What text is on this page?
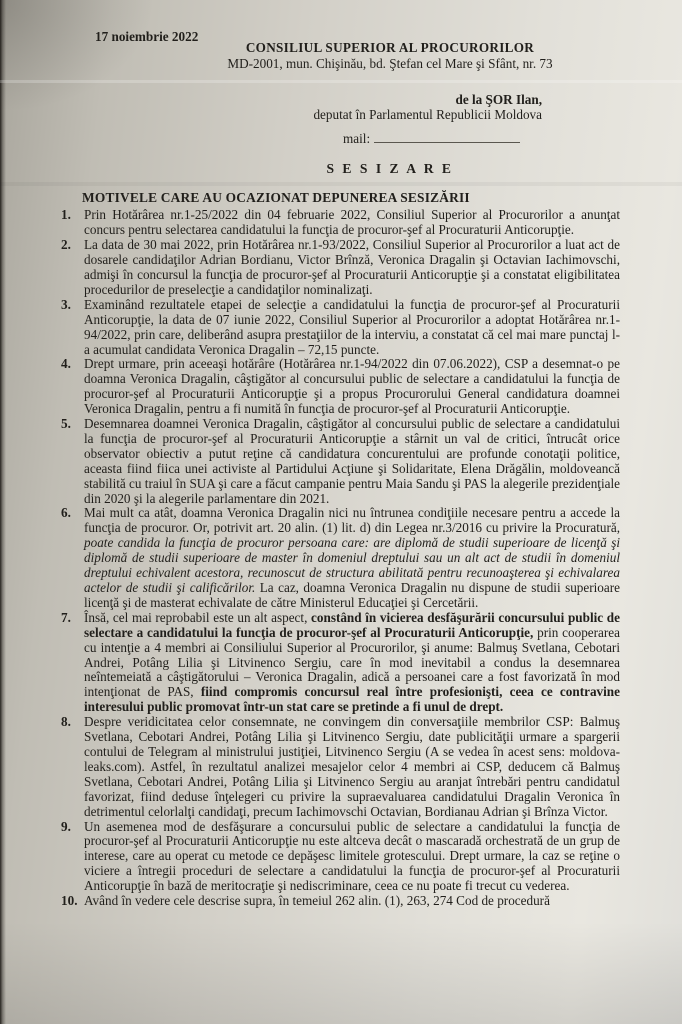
17 noiembrie 2022
CONSILIUL SUPERIOR AL PROCURORILOR
MD-2001, mun. Chişinău, bd. Ştefan cel Mare şi Sfânt, nr. 73
de la ŞOR Ilan,
deputat în Parlamentul Republicii Moldova
mail:
S E S I Z A R E
MOTIVELE CARE AU OCAZIONAT DEPUNEREA SESIZĂRII
1. Prin Hotărârea nr.1-25/2022 din 04 februarie 2022, Consiliul Superior al Procurorilor a anunţat concurs pentru selectarea candidatului la funcţia de procuror-şef al Procuraturii Anticorupţie.
2. La data de 30 mai 2022, prin Hotărârea nr.1-93/2022, Consiliul Superior al Procurorilor a luat act de dosarele candidaţilor Adrian Bordianu, Victor Brînză, Veronica Dragalin şi Octavian Iachimovschi, admişi în concursul la funcţia de procuror-şef al Procuraturii Anticorupţie şi a constatat eligibilitatea procedurilor de preselecţie a candidaţilor nominalizaţi.
3. Examinând rezultatele etapei de selecţie a candidatului la funcţia de procuror-şef al Procuraturii Anticorupţie, la data de 07 iunie 2022, Consiliul Superior al Procurorilor a adoptat Hotărârea nr.1-94/2022, prin care, deliberând asupra prestaţiilor de la interviu, a constatat că cel mai mare punctaj l-a acumulat candidata Veronica Dragalin – 72,15 puncte.
4. Drept urmare, prin aceeaşi hotărâre (Hotărârea nr.1-94/2022 din 07.06.2022), CSP a desemnat-o pe doamna Veronica Dragalin, câştigător al concursului public de selectare a candidatului la funcţia de procuror-şef al Procuraturii Anticorupţie şi a propus Procurorului General candidatura doamnei Veronica Dragalin, pentru a fi numită în funcţia de procuror-şef al Procuraturii Anticorupţie.
5. Desemnarea doamnei Veronica Dragalin, câştigător al concursului public de selectare a candidatului la funcţia de procuror-şef al Procuraturii Anticorupţie a stârnit un val de critici, întrucât orice observator obiectiv a putut reţine că candidatura concurentului are profunde conotaţii politice, aceasta fiind fiica unei activiste al Partidului Acţiune şi Solidaritate, Elena Drăgălin, moldoveancă stabilită cu traiul în SUA şi care a făcut campanie pentru Maia Sandu şi PAS la alegerile prezidenţiale din 2020 şi la alegerile parlamentare din 2021.
6. Mai mult ca atât, doamna Veronica Dragalin nici nu întrunea condiţiile necesare pentru a accede la funcţia de procuror. Or, potrivit art. 20 alin. (1) lit. d) din Legea nr.3/2016 cu privire la Procuratură, poate candida la funcţia de procuror persoana care: are diplomă de studii superioare de licenţă şi diplomă de studii superioare de master în domeniul dreptului sau un alt act de studii în domeniul dreptului echivalent acestora, recunoscut de structura abilitată pentru recunoaşterea şi echivalarea actelor de studii şi calificărilor. La caz, doamna Veronica Dragalin nu dispune de studii superioare licenţă şi de masterat echivalate de către Ministerul Educaţiei şi Cercetării.
7. Însă, cel mai reprobabil este un alt aspect, constând în vicierea desfăşurării concursului public de selectare a candidatului la funcţia de procuror-şef al Procuraturii Anticorupţie, prin cooperarea cu intenţie a 4 membri ai Consiliului Superior al Procurorilor, şi anume: Balmuş Svetlana, Cebotari Andrei, Potâng Lilia şi Litvinenco Sergiu, care în mod inevitabil a condus la desemnarea neîntemeiată a câştigătorului – Veronica Dragalin, adică a persoanei care a fost favorizată în mod intenţionat de PAS, fiind compromis concursul real între profesionişti, ceea ce contravine interesului public promovat într-un stat care se pretinde a fi unul de drept.
8. Despre veridicitatea celor consemnate, ne convingem din conversaţiile membrilor CSP: Balmuş Svetlana, Cebotari Andrei, Potâng Lilia şi Litvinenco Sergiu, date publicităţii urmare a spargerii contului de Telegram al ministrului justiţiei, Litvinenco Sergiu (A se vedea în acest sens: moldova-leaks.com). Astfel, în rezultatul analizei mesajelor celor 4 membri ai CSP, deducem că Balmuş Svetlana, Cebotari Andrei, Potâng Lilia şi Litvinenco Sergiu au aranjat întrebări pentru candidatul favorizat, fiind deduse înţelegeri cu privire la supraevaluarea candidatului Dragalin Veronica în detrimentul celorlalţi candidaţi, precum Iachimovschi Octavian, Bordianau Adrian şi Brînza Victor.
9. Un asemenea mod de desfăşurare a concursului public de selectare a candidatului la funcţia de procuror-şef al Procuraturii Anticorupţie nu este altceva decât o mascaradă orchestrată de un grup de interese, care au operat cu metode ce depăşesc limitele grotescului. Drept urmare, la caz se reţine o viciere a întregii proceduri de selectare a candidatului la funcţia de procuror-şef al Procuraturii Anticorupţie în bază de meritocraţie şi nediscriminare, ceea ce nu poate fi trecut cu vederea.
10. Având în vedere cele descrise supra, în temeiul 262 alin. (1), 263, 274 Cod de procedură
